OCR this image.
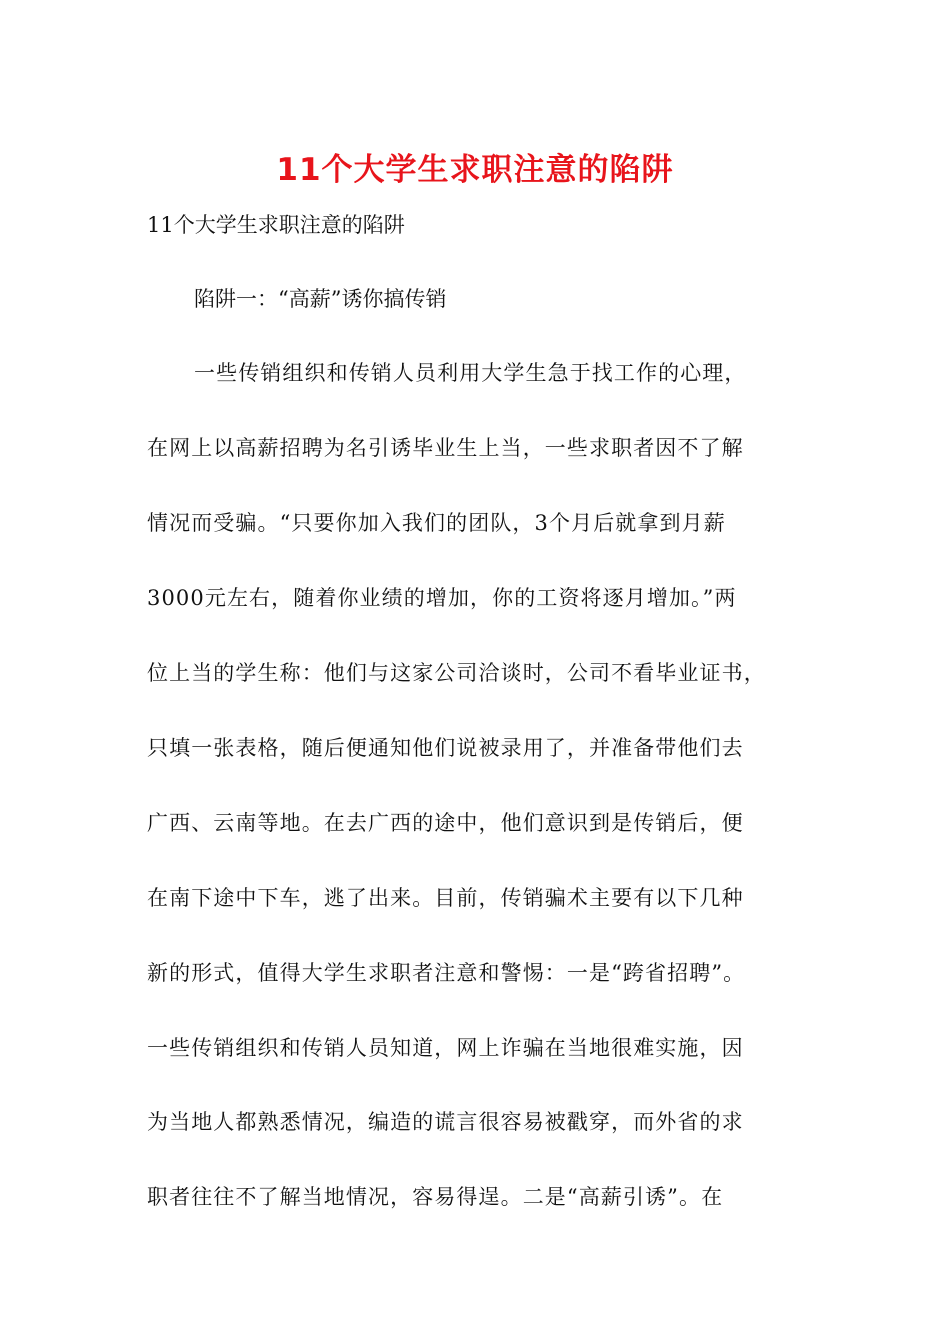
11个大学生求职注意的陷阱
11个大学生求职注意的陷阱
陷阱一：“高薪”诱你搞传销
一些传销组织和传销人员利用大学生急于找工作的心理，
在网上以高薪招聘为名引诱毕业生上当，一些求职者因不了解
情况而受骗。“只要你加入我们的团队，3个月后就拿到月薪
3000元左右，随着你业绩的增加，你的工资将逐月增加。”两
位上当的学生称：他们与这家公司洽谈时，公司不看毕业证书，
只填一张表格，随后便通知他们说被录用了，并准备带他们去
广西、云南等地。在去广西的途中，他们意识到是传销后，便
在南下途中下车，逃了出来。目前，传销骗术主要有以下几种
新的形式，值得大学生求职者注意和警惕：一是“跨省招聘”。
一些传销组织和传销人员知道，网上诈骗在当地很难实施，因
为当地人都熟悉情况，编造的谎言很容易被戳穿，而外省的求
职者往往不了解当地情况，容易得逞。二是“高薪引诱”。在
